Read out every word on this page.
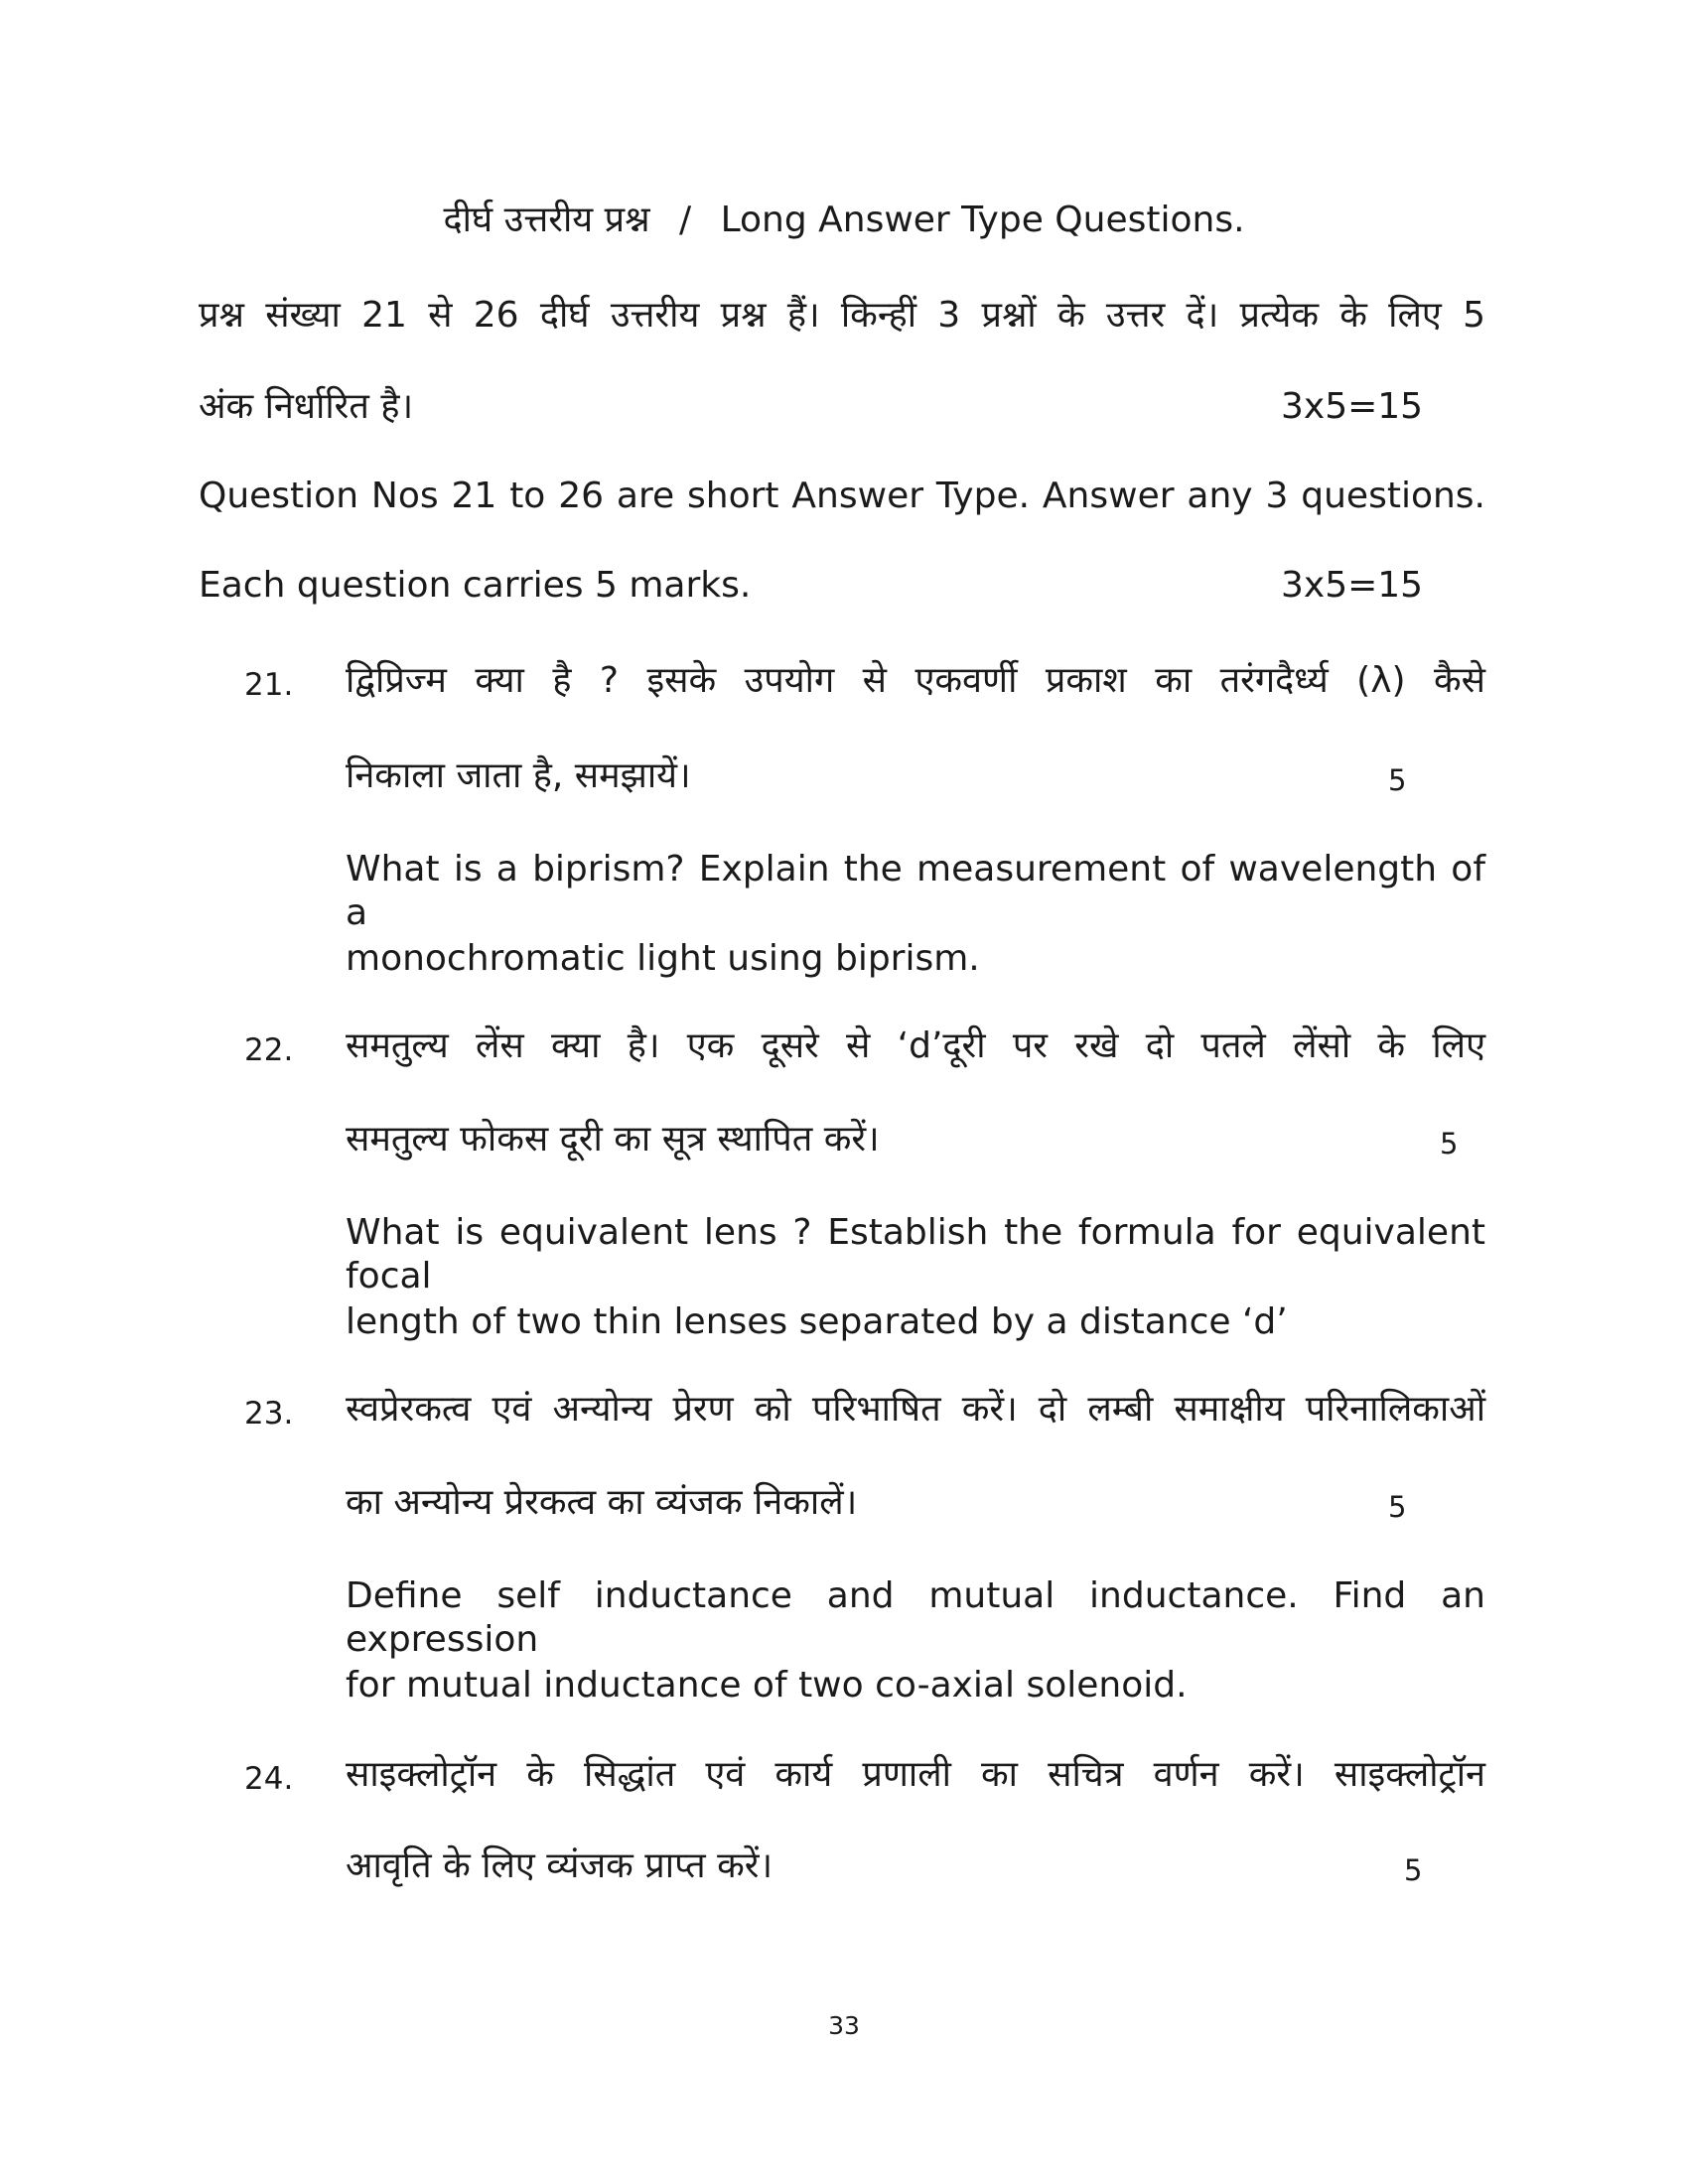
दीर्घ उत्तरीय प्रश्न / Long Answer Type Questions.
प्रश्न संख्या 21 से 26 दीर्घ उत्तरीय प्रश्न हैं। किन्हीं 3 प्रश्नों के उत्तर दें। प्रत्येक के लिए 5
अंक निर्धारित है।	3x5=15
Question Nos 21 to 26 are short Answer Type. Answer any 3 questions.
Each question carries 5 marks.	3x5=15
21. द्विप्रिज्म क्या है ? इसके उपयोग से एकवर्णी प्रकाश का तरंगदैर्ध्य (λ) कैसे
निकाला जाता है, समझायें।	5
What is a biprism? Explain the measurement of wavelength of a
monochromatic light using biprism.
22. समतुल्य लेंस क्या है। एक दूसरे से ‘d’दूरी पर रखे दो पतले लेंसो के लिए
समतुल्य फोकस दूरी का सूत्र स्थापित करें।	5
What is equivalent lens ? Establish the formula for equivalent focal
length of two thin lenses separated by a distance ‘d’
23. स्वप्रेरकत्व एवं अन्योन्य प्रेरण को परिभाषित करें। दो लम्बी समाक्षीय परिनालिकाओं
का अन्योन्य प्रेरकत्व का व्यंजक निकालें।	5
Define self inductance and mutual inductance. Find an expression
for mutual inductance of two co-axial solenoid.
24. साइक्लोट्रॉन के सिद्धांत एवं कार्य प्रणाली का सचित्र वर्णन करें। साइक्लोट्रॉन
आवृति के लिए व्यंजक प्राप्त करें।	5
33
